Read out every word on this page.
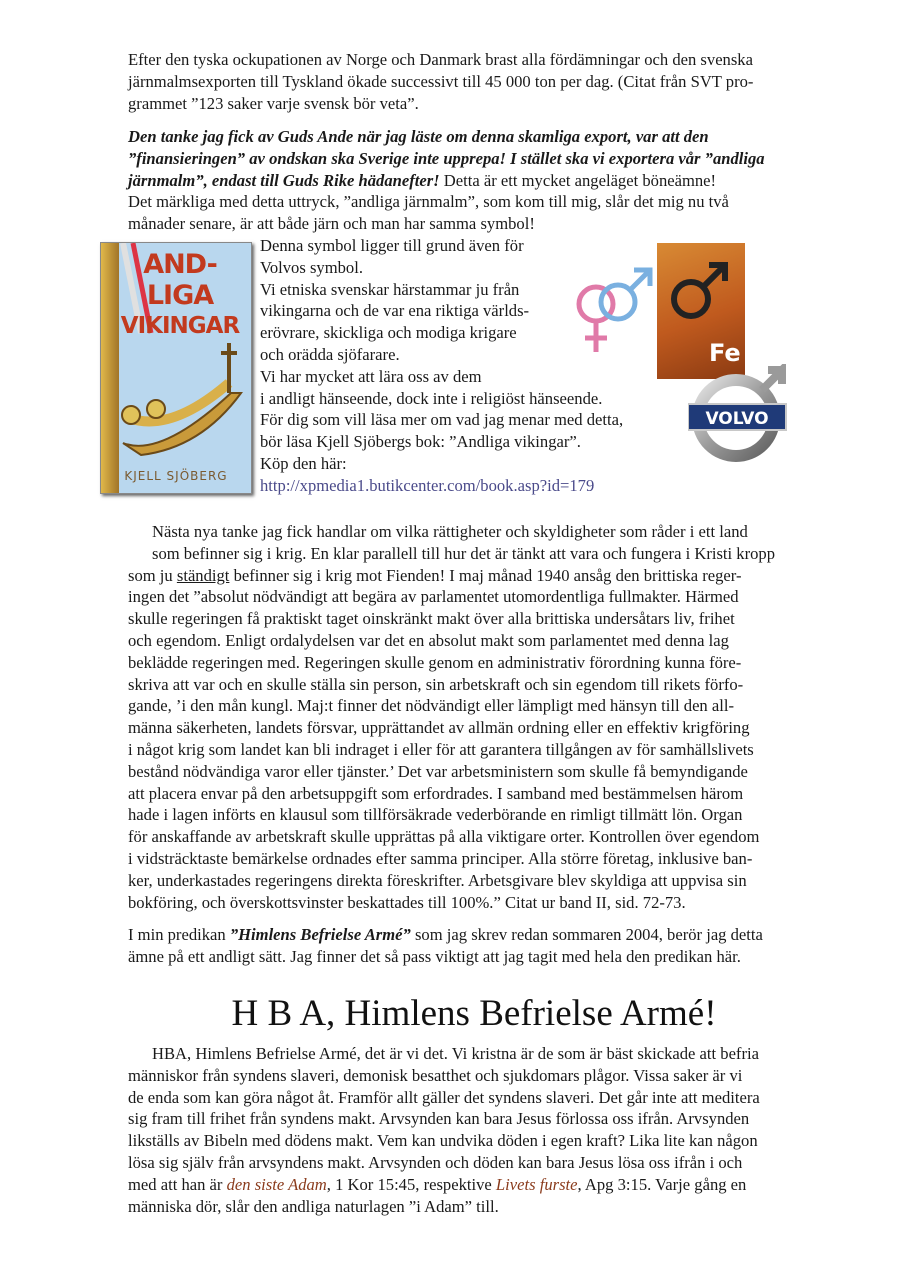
Efter den tyska ockupationen av Norge och Danmark brast alla fördämningar och den svenska
järnmalmsexporten till Tyskland ökade successivt till 45 000 ton per dag. (Citat från SVT pro-
grammet ”123 saker varje svensk bör veta”.

Den tanke jag fick av Guds Ande när jag läste om denna skamliga export, var att den
”finansieringen” av ondskan ska Sverige inte upprepa! I stället ska vi exportera vår ”andliga
järnmalm”, endast till Guds Rike hädanefter! Detta är ett mycket angeläget böneämne!
Det märkliga med detta uttryck, ”andliga järnmalm”, som kom till mig, slår det mig nu två
månader senare, är att både järn och man har samma symbol!

AND-
LIGA
VIKINGAR
KJELL SJÖBERG
Denna symbol ligger till grund även för
Volvos symbol.
Vi etniska svenskar härstammar ju från
vikingarna och de var ena riktiga världs-
erövrare, skickliga och modiga krigare
och orädda sjöfarare.
Vi har mycket att lära oss av dem
i andligt hänseende, dock inte i religiöst hänseende.
För dig som vill läsa mer om vad jag menar med detta,
bör läsa Kjell Sjöbergs bok: ”Andliga vikingar”.
Köp den här:
http://xpmedia1.butikcenter.com/book.asp?id=179
Fe
VOLVO

Nästa nya tanke jag fick handlar om vilka rättigheter och skyldigheter som råder i ett land
som befinner sig i krig. En klar parallell till hur det är tänkt att vara och fungera i Kristi kropp
som ju ständigt befinner sig i krig mot Fienden! I maj månad 1940 ansåg den brittiska reger-
ingen det ”absolut nödvändigt att begära av parlamentet utomordentliga fullmakter. Härmed
skulle regeringen få praktiskt taget oinskränkt makt över alla brittiska undersåtars liv, frihet
och egendom. Enligt ordalydelsen var det en absolut makt som parlamentet med denna lag
beklädde regeringen med. Regeringen skulle genom en administrativ förordning kunna före-
skriva att var och en skulle ställa sin person, sin arbetskraft och sin egendom till rikets förfo-
gande, ’i den mån kungl. Maj:t finner det nödvändigt eller lämpligt med hänsyn till den all-
männa säkerheten, landets försvar, upprättandet av allmän ordning eller en effektiv krigföring
i något krig som landet kan bli indraget i eller för att garantera tillgången av för samhällslivets
bestånd nödvändiga varor eller tjänster.’ Det var arbetsministern som skulle få bemyndigande
att placera envar på den arbetsuppgift som erfordrades. I samband med bestämmelsen härom
hade i lagen införts en klausul som tillförsäkrade vederbörande en rimligt tillmätt lön. Organ
för anskaffande av arbetskraft skulle upprättas på alla viktigare orter. Kontrollen över egendom
i vidsträcktaste bemärkelse ordnades efter samma principer. Alla större företag, inklusive ban-
ker, underkastades regeringens direkta föreskrifter. Arbetsgivare blev skyldiga att uppvisa sin
bokföring, och överskottsvinster beskattades till 100%.” Citat ur band II, sid. 72-73.

I min predikan ”Himlens Befrielse Armé” som jag skrev redan sommaren 2004, berör jag detta
ämne på ett andligt sätt. Jag finner det så pass viktigt att jag tagit med hela den predikan här.

H B A, Himlens Befrielse Armé!

HBA, Himlens Befrielse Armé, det är vi det. Vi kristna är de som är bäst skickade att befria
människor från syndens slaveri, demonisk besatthet och sjukdomars plågor. Vissa saker är vi
de enda som kan göra något åt. Framför allt gäller det syndens slaveri. Det går inte att meditera
sig fram till frihet från syndens makt. Arvsynden kan bara Jesus förlossa oss ifrån. Arvsynden
likställs av Bibeln med dödens makt. Vem kan undvika döden i egen kraft? Lika lite kan någon
lösa sig själv från arvsyndens makt. Arvsynden och döden kan bara Jesus lösa oss ifrån i och
med att han är den siste Adam, 1 Kor 15:45, respektive Livets furste, Apg 3:15. Varje gång en
människa dör, slår den andliga naturlagen ”i Adam” till.
